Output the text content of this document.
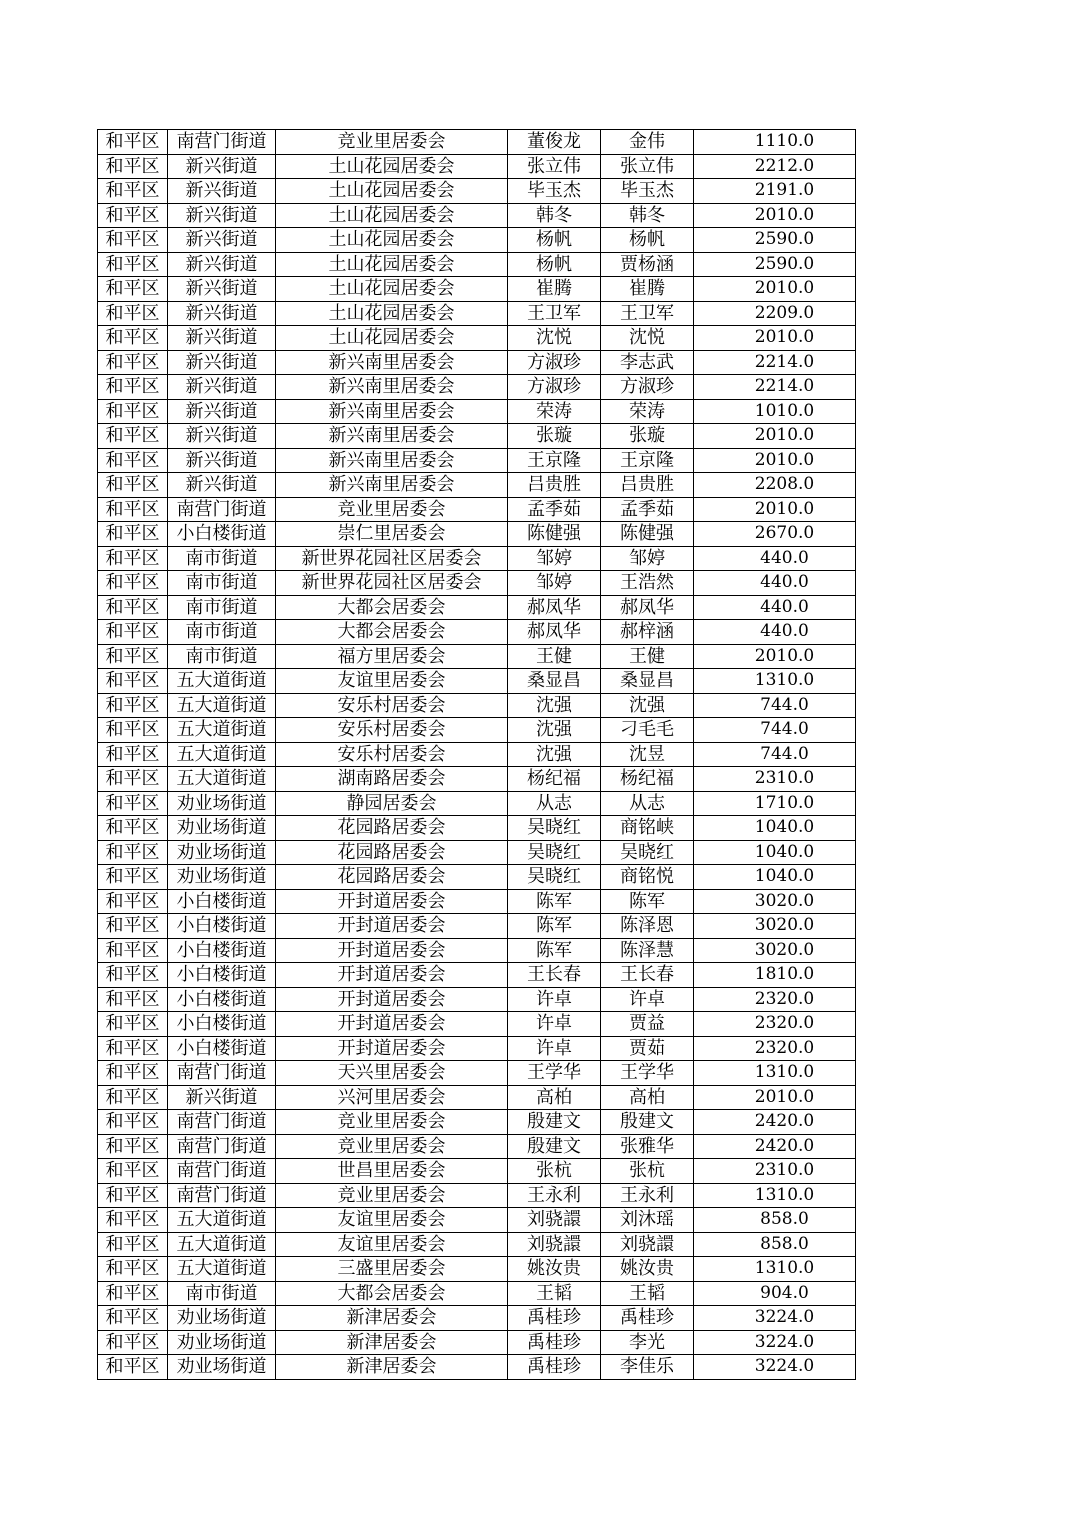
和平区	南营门街道	竞业里居委会	董俊龙	金伟	1110.0
和平区	新兴街道	土山花园居委会	张立伟	张立伟	2212.0
和平区	新兴街道	土山花园居委会	毕玉杰	毕玉杰	2191.0
和平区	新兴街道	土山花园居委会	韩冬	韩冬	2010.0
和平区	新兴街道	土山花园居委会	杨帆	杨帆	2590.0
和平区	新兴街道	土山花园居委会	杨帆	贾杨涵	2590.0
和平区	新兴街道	土山花园居委会	崔腾	崔腾	2010.0
和平区	新兴街道	土山花园居委会	王卫军	王卫军	2209.0
和平区	新兴街道	土山花园居委会	沈悦	沈悦	2010.0
和平区	新兴街道	新兴南里居委会	方淑珍	李志武	2214.0
和平区	新兴街道	新兴南里居委会	方淑珍	方淑珍	2214.0
和平区	新兴街道	新兴南里居委会	荣涛	荣涛	1010.0
和平区	新兴街道	新兴南里居委会	张璇	张璇	2010.0
和平区	新兴街道	新兴南里居委会	王京隆	王京隆	2010.0
和平区	新兴街道	新兴南里居委会	吕贵胜	吕贵胜	2208.0
和平区	南营门街道	竞业里居委会	孟季茹	孟季茹	2010.0
和平区	小白楼街道	崇仁里居委会	陈健强	陈健强	2670.0
和平区	南市街道	新世界花园社区居委会	邹婷	邹婷	440.0
和平区	南市街道	新世界花园社区居委会	邹婷	王浩然	440.0
和平区	南市街道	大都会居委会	郝凤华	郝凤华	440.0
和平区	南市街道	大都会居委会	郝凤华	郝梓涵	440.0
和平区	南市街道	福方里居委会	王健	王健	2010.0
和平区	五大道街道	友谊里居委会	桑显昌	桑显昌	1310.0
和平区	五大道街道	安乐村居委会	沈强	沈强	744.0
和平区	五大道街道	安乐村居委会	沈强	刁毛毛	744.0
和平区	五大道街道	安乐村居委会	沈强	沈昱	744.0
和平区	五大道街道	湖南路居委会	杨纪福	杨纪福	2310.0
和平区	劝业场街道	静园居委会	从志	从志	1710.0
和平区	劝业场街道	花园路居委会	吴晓红	商铭峡	1040.0
和平区	劝业场街道	花园路居委会	吴晓红	吴晓红	1040.0
和平区	劝业场街道	花园路居委会	吴晓红	商铭悦	1040.0
和平区	小白楼街道	开封道居委会	陈军	陈军	3020.0
和平区	小白楼街道	开封道居委会	陈军	陈泽恩	3020.0
和平区	小白楼街道	开封道居委会	陈军	陈泽慧	3020.0
和平区	小白楼街道	开封道居委会	王长春	王长春	1810.0
和平区	小白楼街道	开封道居委会	许卓	许卓	2320.0
和平区	小白楼街道	开封道居委会	许卓	贾益	2320.0
和平区	小白楼街道	开封道居委会	许卓	贾茹	2320.0
和平区	南营门街道	天兴里居委会	王学华	王学华	1310.0
和平区	新兴街道	兴河里居委会	高柏	高柏	2010.0
和平区	南营门街道	竞业里居委会	殷建文	殷建文	2420.0
和平区	南营门街道	竞业里居委会	殷建文	张雅华	2420.0
和平区	南营门街道	世昌里居委会	张杭	张杭	2310.0
和平区	南营门街道	竞业里居委会	王永利	王永利	1310.0
和平区	五大道街道	友谊里居委会	刘骁譞	刘沐瑶	858.0
和平区	五大道街道	友谊里居委会	刘骁譞	刘骁譞	858.0
和平区	五大道街道	三盛里居委会	姚汝贵	姚汝贵	1310.0
和平区	南市街道	大都会居委会	王韬	王韬	904.0
和平区	劝业场街道	新津居委会	禹桂珍	禹桂珍	3224.0
和平区	劝业场街道	新津居委会	禹桂珍	李光	3224.0
和平区	劝业场街道	新津居委会	禹桂珍	李佳乐	3224.0
